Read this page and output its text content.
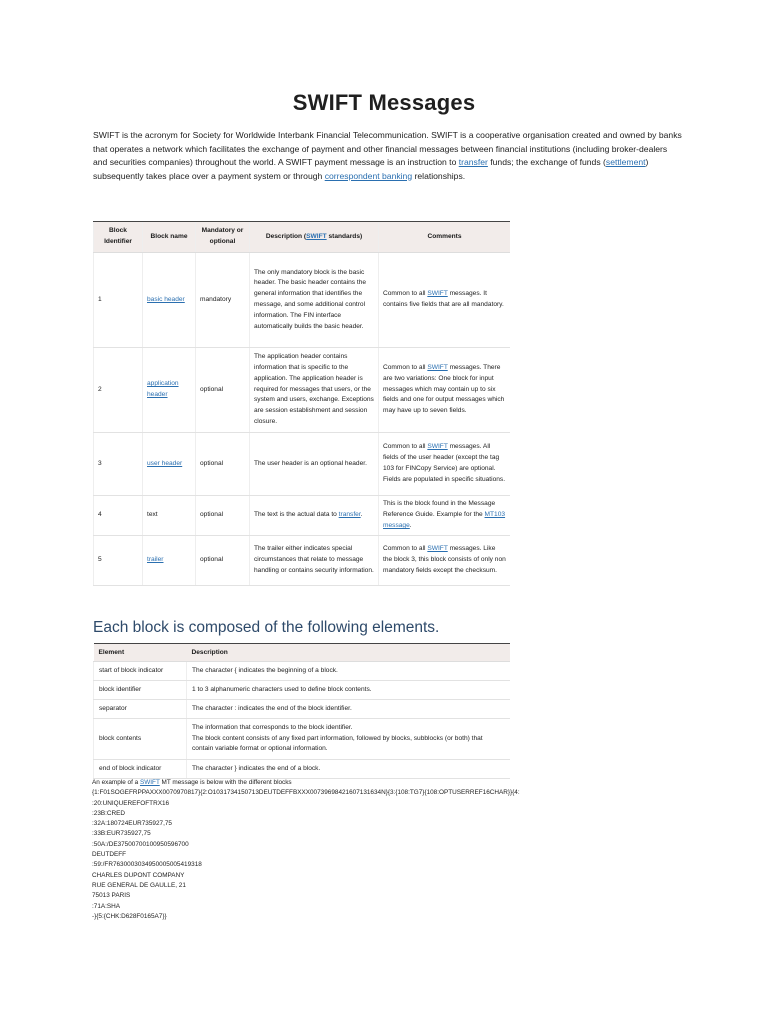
SWIFT Messages
SWIFT is the acronym for Society for Worldwide Interbank Financial Telecommunication. SWIFT is a cooperative organisation created and owned by banks that operates a network which facilitates the exchange of payment and other financial messages between financial institutions (including broker-dealers and securities companies) throughout the world. A SWIFT payment message is an instruction to transfer funds; the exchange of funds (settlement) subsequently takes place over a payment system or through correspondent banking relationships.
Block Identifier	Block name	Mandatory or optional	Description (SWIFT standards)	Comments
1	basic header	mandatory	The only mandatory block is the basic header. The basic header contains the general information that identifies the message, and some additional control information. The FIN interface automatically builds the basic header.	Common to all SWIFT messages. It contains five fields that are all mandatory.
2	application header	optional	The application header contains information that is specific to the application. The application header is required for messages that users, or the system and users, exchange. Exceptions are session establishment and session closure.	Common to all SWIFT messages. There are two variations: One block for input messages which may contain up to six fields and one for output messages which may have up to seven fields.
3	user header	optional	The user header is an optional header.	Common to all SWIFT messages. All fields of the user header (except the tag 103 for FINCopy Service) are optional. Fields are populated in specific situations.
4	text	optional	The text is the actual data to transfer.	This is the block found in the Message Reference Guide. Example for the MT103 message.
5	trailer	optional	The trailer either indicates special circumstances that relate to message handling or contains security information.	Common to all SWIFT messages. Like the block 3, this block consists of only non mandatory fields except the checksum.
Each block is composed of the following elements.
Element	Description
start of block indicator	The character { indicates the beginning of a block.
block identifier	1 to 3 alphanumeric characters used to define block contents.
separator	The character : indicates the end of the block identifier.
block contents	The information that corresponds to the block identifier.
The block content consists of any fixed part information, followed by blocks, subblocks (or both) that contain variable format or optional information.

end of block indicator	The character } indicates the end of a block.
An example of a SWIFT MT message is below with the different blocks
{1:F01SOGEFRPPAXXX0070970817}{2:O1031734150713DEUTDEFFBXXX00739698421607131634N}{3:{108:TG7}{108:OPTUSERREF16CHAR}}{4:
:20:UNIQUEREFOFTRX16
:23B:CRED
:32A:180724EUR735927,75
:33B:EUR735927,75
:50A:/DE37500700100950596700
DEUTDEFF
:59:/FR7630003034950005005419318
CHARLES DUPONT COMPANY
RUE GENERAL DE GAULLE, 21
75013 PARIS
:71A:SHA
-}{5:{CHK:D628F0165A7}}
